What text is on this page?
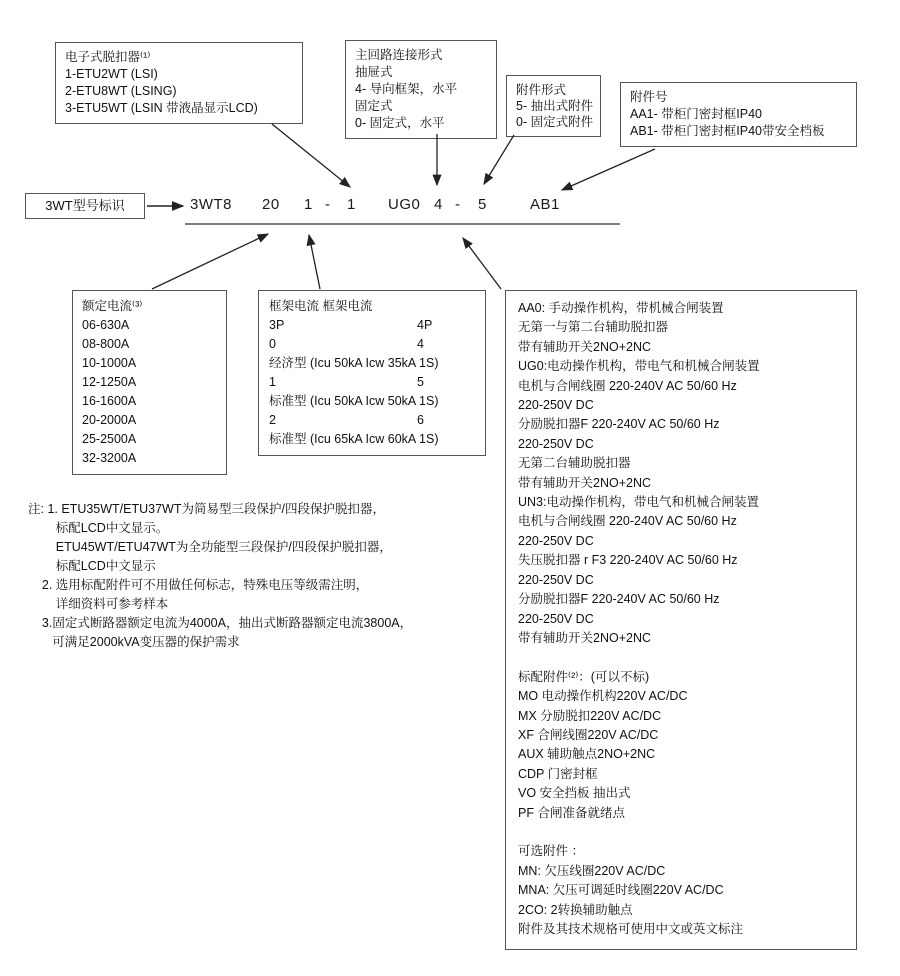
电子式脱扣器⁽¹⁾
1-ETU2WT (LSI)
2-ETU8WT (LSING)
3-ETU5WT (LSIN 带液晶显示LCD)
主回路连接形式
抽屉式
4- 导向框架，水平
固定式
0- 固定式，水平
附件形式
5- 抽出式附件
0- 固定式附件
附件号
AA1- 带柜门密封框IP40
AB1- 带柜门密封框IP40带安全档板
3WT型号标识	3WT8 20 1 - 1 UG0 4 - 5	AB1
额定电流⁽³⁾
06-630A
08-800A
10-1000A
12-1250A
16-1600A
20-2000A
25-2500A
32-3200A
框架电流 框架电流
3P	4P
0	4
经济型 (Icu 50kA Icw 35kA 1S)
1	5
标准型 (Icu 50kA Icw 50kA 1S)
2	6
标准型 (Icu 65kA Icw 60kA 1S)
AA0: 手动操作机构，带机械合闸装置
无第一与第二台辅助脱扣器
带有辅助开关2NO+2NC
UG0:电动操作机构，带电气和机械合闸装置
电机与合闸线圈 220-240V AC 50/60 Hz
220-250V DC
分励脱扣器F 220-240V AC 50/60 Hz
220-250V DC
无第二台辅助脱扣器
带有辅助开关2NO+2NC
UN3:电动操作机构，带电气和机械合闸装置
电机与合闸线圈 220-240V AC 50/60 Hz
220-250V DC
失压脱扣器 r F3 220-240V AC 50/60 Hz
220-250V DC
分励脱扣器F 220-240V AC 50/60 Hz
220-250V DC
带有辅助开关2NO+2NC

标配附件⁽²⁾：(可以不标)
MO 电动操作机构220V AC/DC
MX 分励脱扣220V AC/DC
XF 合闸线圈220V AC/DC
AUX 辅助触点2NO+2NC
CDP 门密封框
VO 安全挡板 抽出式
PF 合闸准备就绪点

可选附件 ：
MN: 欠压线圈220V AC/DC
MNA: 欠压可调延时线圈220V AC/DC
2CO: 2转换辅助触点
附件及其技术规格可使用中文或英文标注
注: 1. ETU35WT/ETU37WT为简易型三段保护/四段保护脱扣器，
标配LCD中文显示。
ETU45WT/ETU47WT为全功能型三段保护/四段保护脱扣器，
标配LCD中文显示
2. 选用标配附件可不用做任何标志，特殊电压等级需注明，
详细资料可参考样本
3.固定式断路器额定电流为4000A，抽出式断路器额定电流3800A，
可满足2000kVA变压器的保护需求
